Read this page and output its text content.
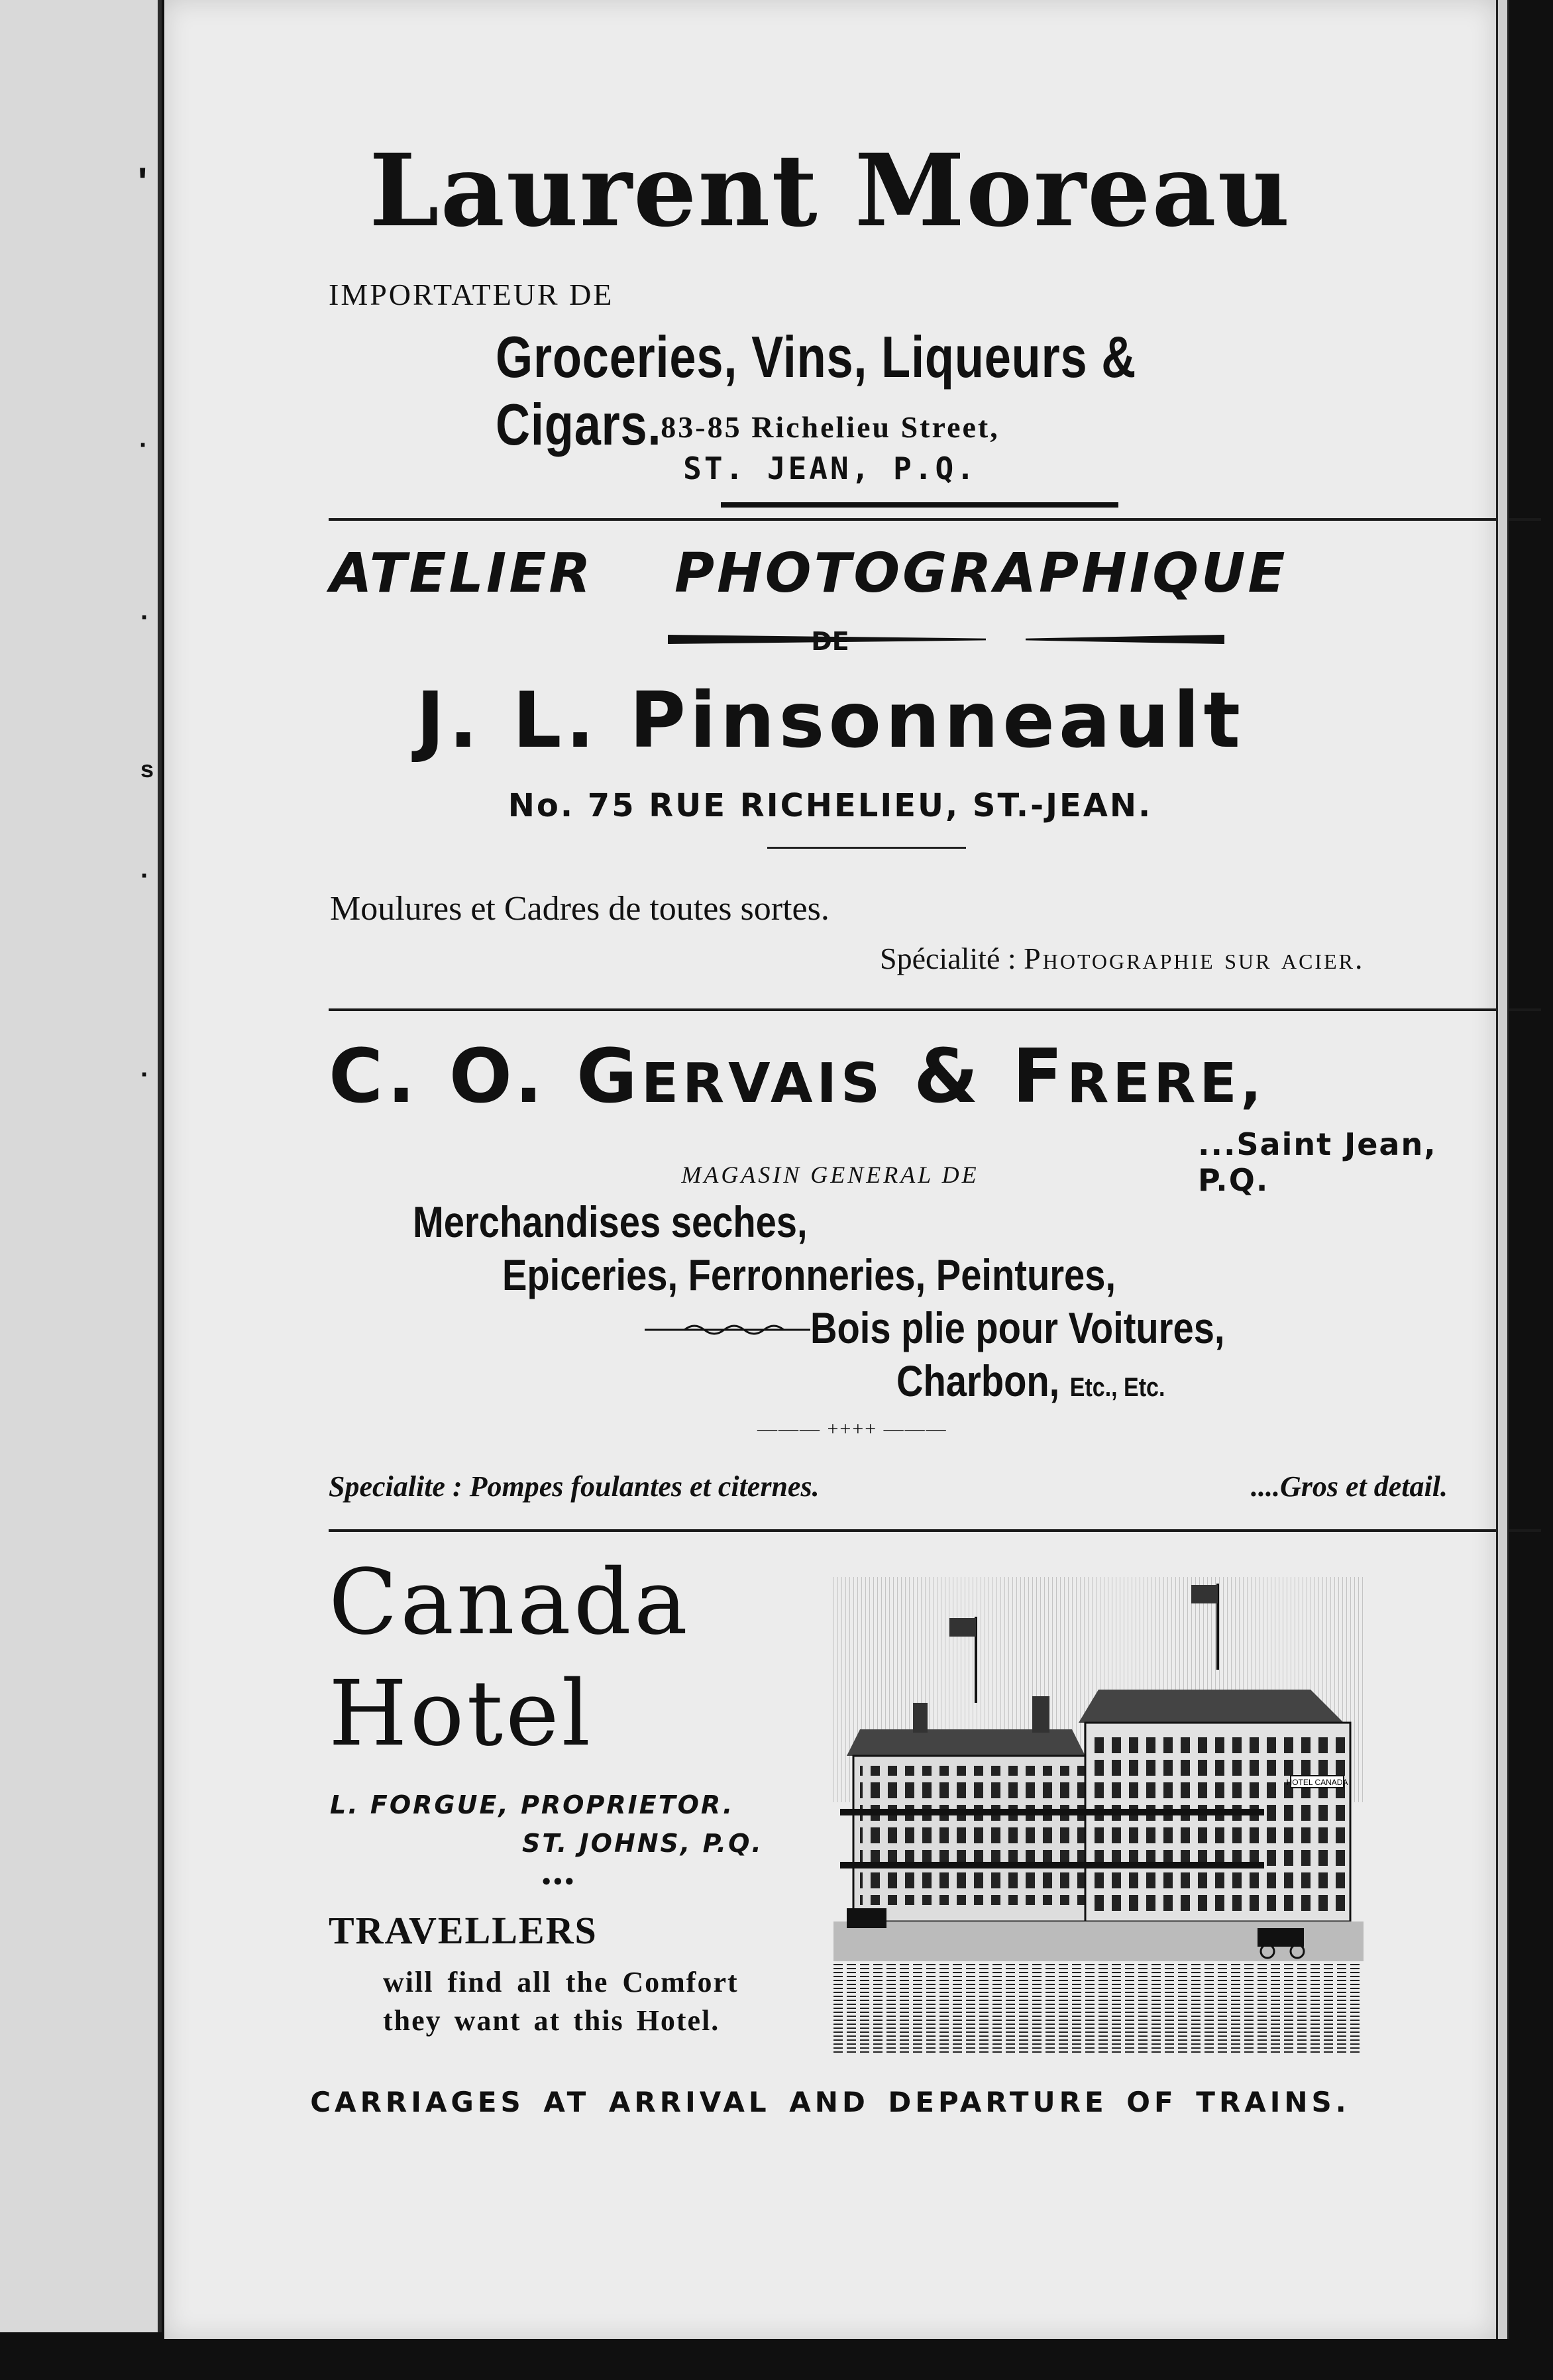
'
·
·
s
·
·
Laurent Moreau
IMPORTATEUR DE
Groceries, Vins, Liqueurs & Cigars.
83-85 Richelieu Street,
ST. JEAN, P.Q.
ATELIER PHOTOGRAPHIQUE
DE
J. L. Pinsonneault
No. 75 RUE RICHELIEU, ST.-JEAN.
Moulures et Cadres de toutes sortes.
Spécialité : Photographie sur acier.
C. O. GERVAIS & FRERE,
...Saint Jean, P.Q.
MAGASIN GENERAL DE
Merchandises seches,
Epiceries, Ferronneries, Peintures,
Bois plie pour Voitures,
Charbon, Etc., Etc.
——— ++++ ———
Specialite : Pompes foulantes et citernes.	....Gros et detail.
Canada
Hotel
L. FORGUE, PROPRIETOR.
ST. JOHNS, P.Q.
•••
TRAVELLERS
will find all the Comfort
they want at this Hotel.
HOTEL CANADA
CARRIAGES AT ARRIVAL AND DEPARTURE OF TRAINS.
